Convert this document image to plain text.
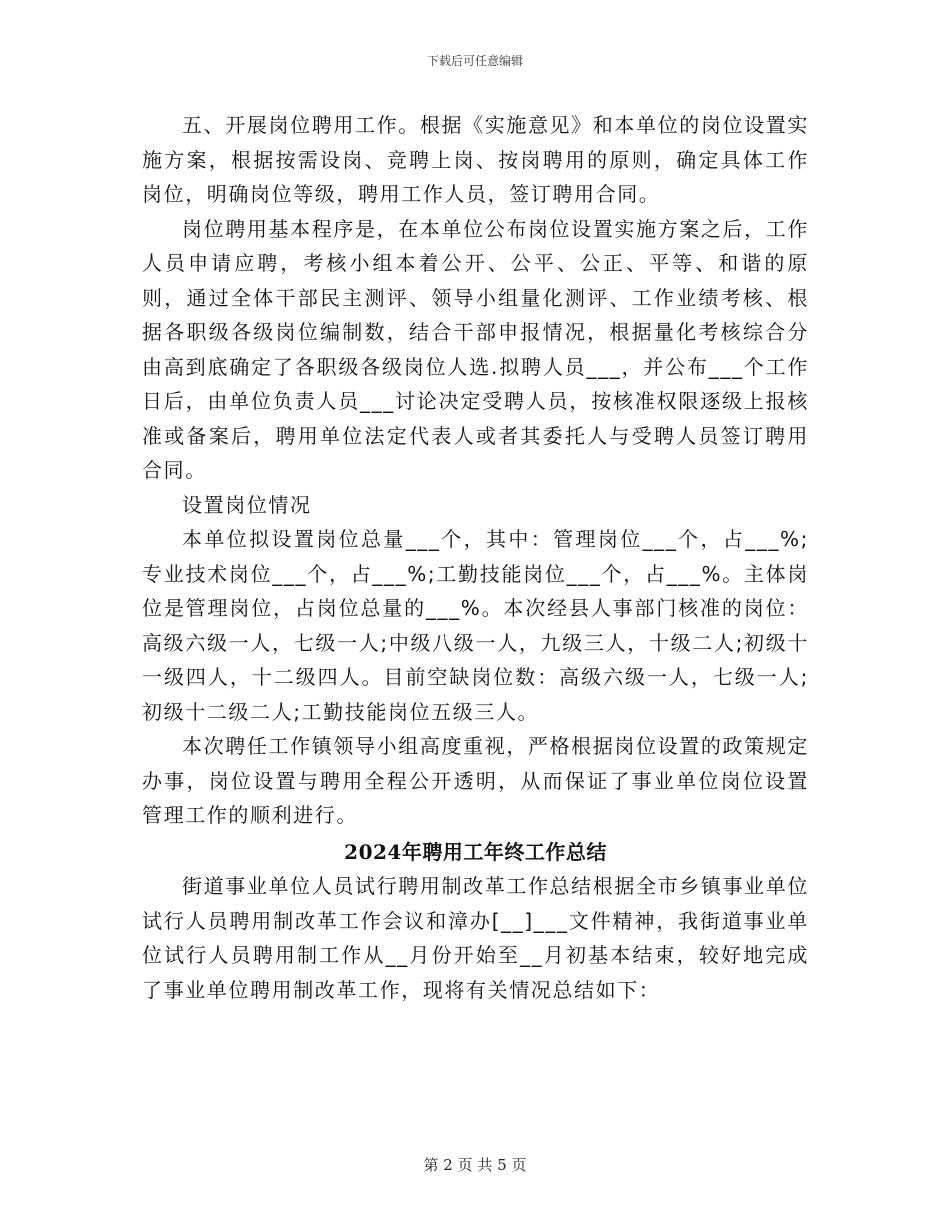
下载后可任意编辑

五、开展岗位聘用工作。根据《实施意见》和本单位的岗位设置实施方案，根据按需设岗、竞聘上岗、按岗聘用的原则，确定具体工作岗位，明确岗位等级，聘用工作人员，签订聘用合同。

岗位聘用基本程序是，在本单位公布岗位设置实施方案之后，工作人员申请应聘，考核小组本着公开、公平、公正、平等、和谐的原则，通过全体干部民主测评、领导小组量化测评、工作业绩考核、根据各职级各级岗位编制数，结合干部申报情况，根据量化考核综合分由高到底确定了各职级各级岗位人选.拟聘人员___，并公布___个工作日后，由单位负责人员___讨论决定受聘人员，按核准权限逐级上报核准或备案后，聘用单位法定代表人或者其委托人与受聘人员签订聘用合同。

设置岗位情况

本单位拟设置岗位总量___个，其中：管理岗位___个，占___%;专业技术岗位___个，占___%;工勤技能岗位___个，占___%。主体岗位是管理岗位，占岗位总量的___%。本次经县人事部门核准的岗位：高级六级一人，七级一人;中级八级一人，九级三人，十级二人;初级十一级四人，十二级四人。目前空缺岗位数：高级六级一人，七级一人;初级十二级二人;工勤技能岗位五级三人。

本次聘任工作镇领导小组高度重视，严格根据岗位设置的政策规定办事，岗位设置与聘用全程公开透明，从而保证了事业单位岗位设置管理工作的顺利进行。

2024年聘用工年终工作总结

街道事业单位人员试行聘用制改革工作总结根据全市乡镇事业单位试行人员聘用制改革工作会议和漳办[__]___文件精神，我街道事业单位试行人员聘用制工作从__月份开始至__月初基本结束，较好地完成了事业单位聘用制改革工作，现将有关情况总结如下：

第 2 页 共 5 页
